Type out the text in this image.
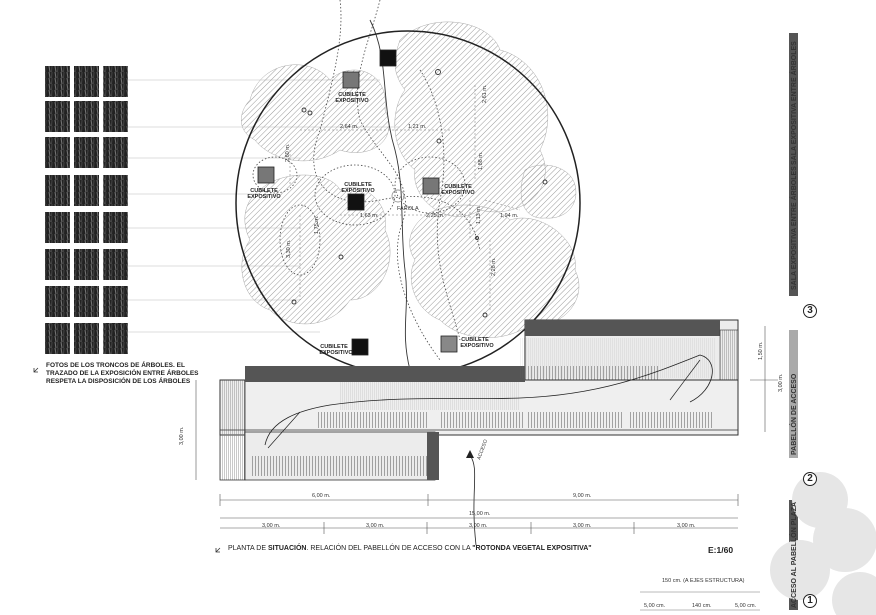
CUBILETE
EXPOSITIVO
CUBILETE
EXPOSITIVO
CUBILETE
EXPOSITIVO
CUBILETE
EXPOSITIVO
CUBILETE
EXPOSITIVO
CUBILETE
EXPOSITIVO
FAROLA
2,61 m.
2,64 m.	1,21 m.
2,60 m.	1,88 m.
1,63 m.	2,25 m.	1,13 m.	1,94 m.
1,75 m.
3,30 m.
2,28 m.
1,50 m.
3,00 m.
3,00 m.
6,00 m.	9,00 m.
15,00 m.
3,00 m.	3,00 m.	3,00 m.	3,00 m.	3,00 m.
150 cm. (A EJES ESTRUCTURA)
5,00 cm.	140 cm.	5,00 cm.
ACCESO
FOTOS DE LOS TRONCOS DE ÁRBOLES. EL TRAZADO DE LA EXPOSICIÓN ENTRE ÁRBOLES RESPETA LA DISPOSICIÓN DE LOS ÁRBOLES
PLANTA DE SITUACIÓN. RELACIÓN DEL PABELLÓN DE ACCESO CON LA "ROTONDA VEGETAL EXPOSITIVA"	E:1/60
SALA EXPOSITIVA ENTRE ÁRBOLES
SALA EXPOSITIVA ENTRE ÁRBOLES
PABELLÓN DE ACCESO
ACCESO AL PABELLÓN PLAZA
3
2
1
